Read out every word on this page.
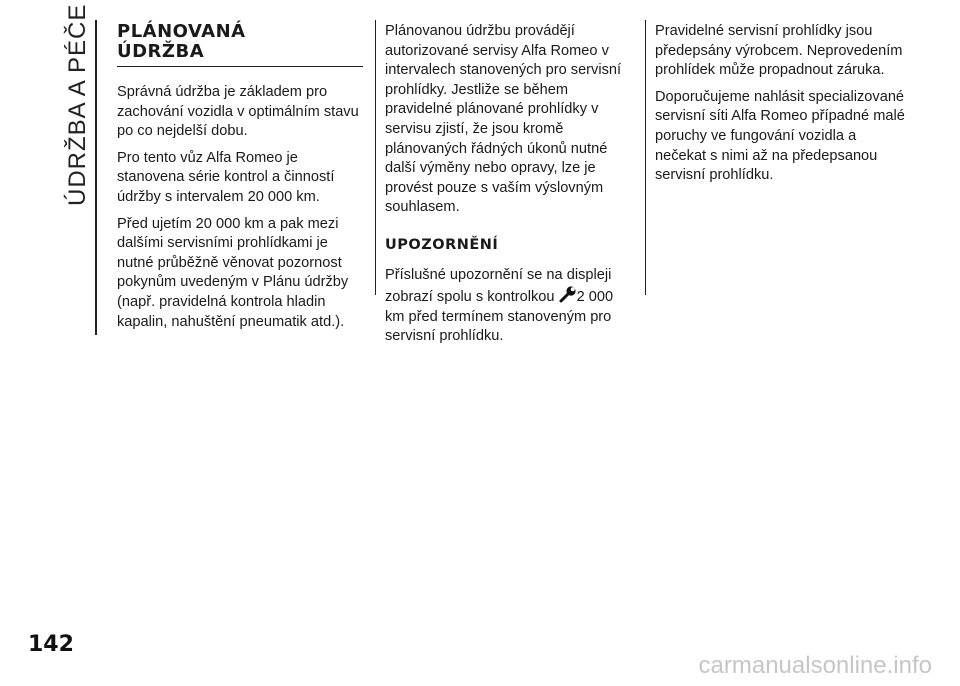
ÚDRŽBA A PÉČE PLÁNOVANÁ
ÚDRŽBA

Správná údržba je základem pro zachování vozidla v optimálním stavu po co nejdelší dobu.

Pro tento vůz Alfa Romeo je stanovena série kontrol a činností údržby s intervalem 20 000 km.

Před ujetím 20 000 km a pak mezi dalšími servisními prohlídkami je nutné průběžně věnovat pozornost pokynům uvedeným v Plánu údržby (např. pravidelná kontrola hladin kapalin, nahuštění pneumatik atd.).

Plánovanou údržbu provádějí autorizované servisy Alfa Romeo v intervalech stanovených pro servisní prohlídky. Jestliže se během pravidelné plánované prohlídky v servisu zjistí, že jsou kromě plánovaných řádných úkonů nutné další výměny nebo opravy, lze je provést pouze s vaším výslovným souhlasem.

UPOZORNĚNÍ

Příslušné upozornění se na displeji zobrazí spolu s kontrolkou 2 000 km před termínem stanoveným pro servisní prohlídku.

Pravidelné servisní prohlídky jsou předepsány výrobcem. Neprovedením prohlídek může propadnout záruka.

Doporučujeme nahlásit specializované servisní síti Alfa Romeo případné malé poruchy ve fungování vozidla a nečekat s nimi až na předepsanou servisní prohlídku.

142
carmanualsonline.info
